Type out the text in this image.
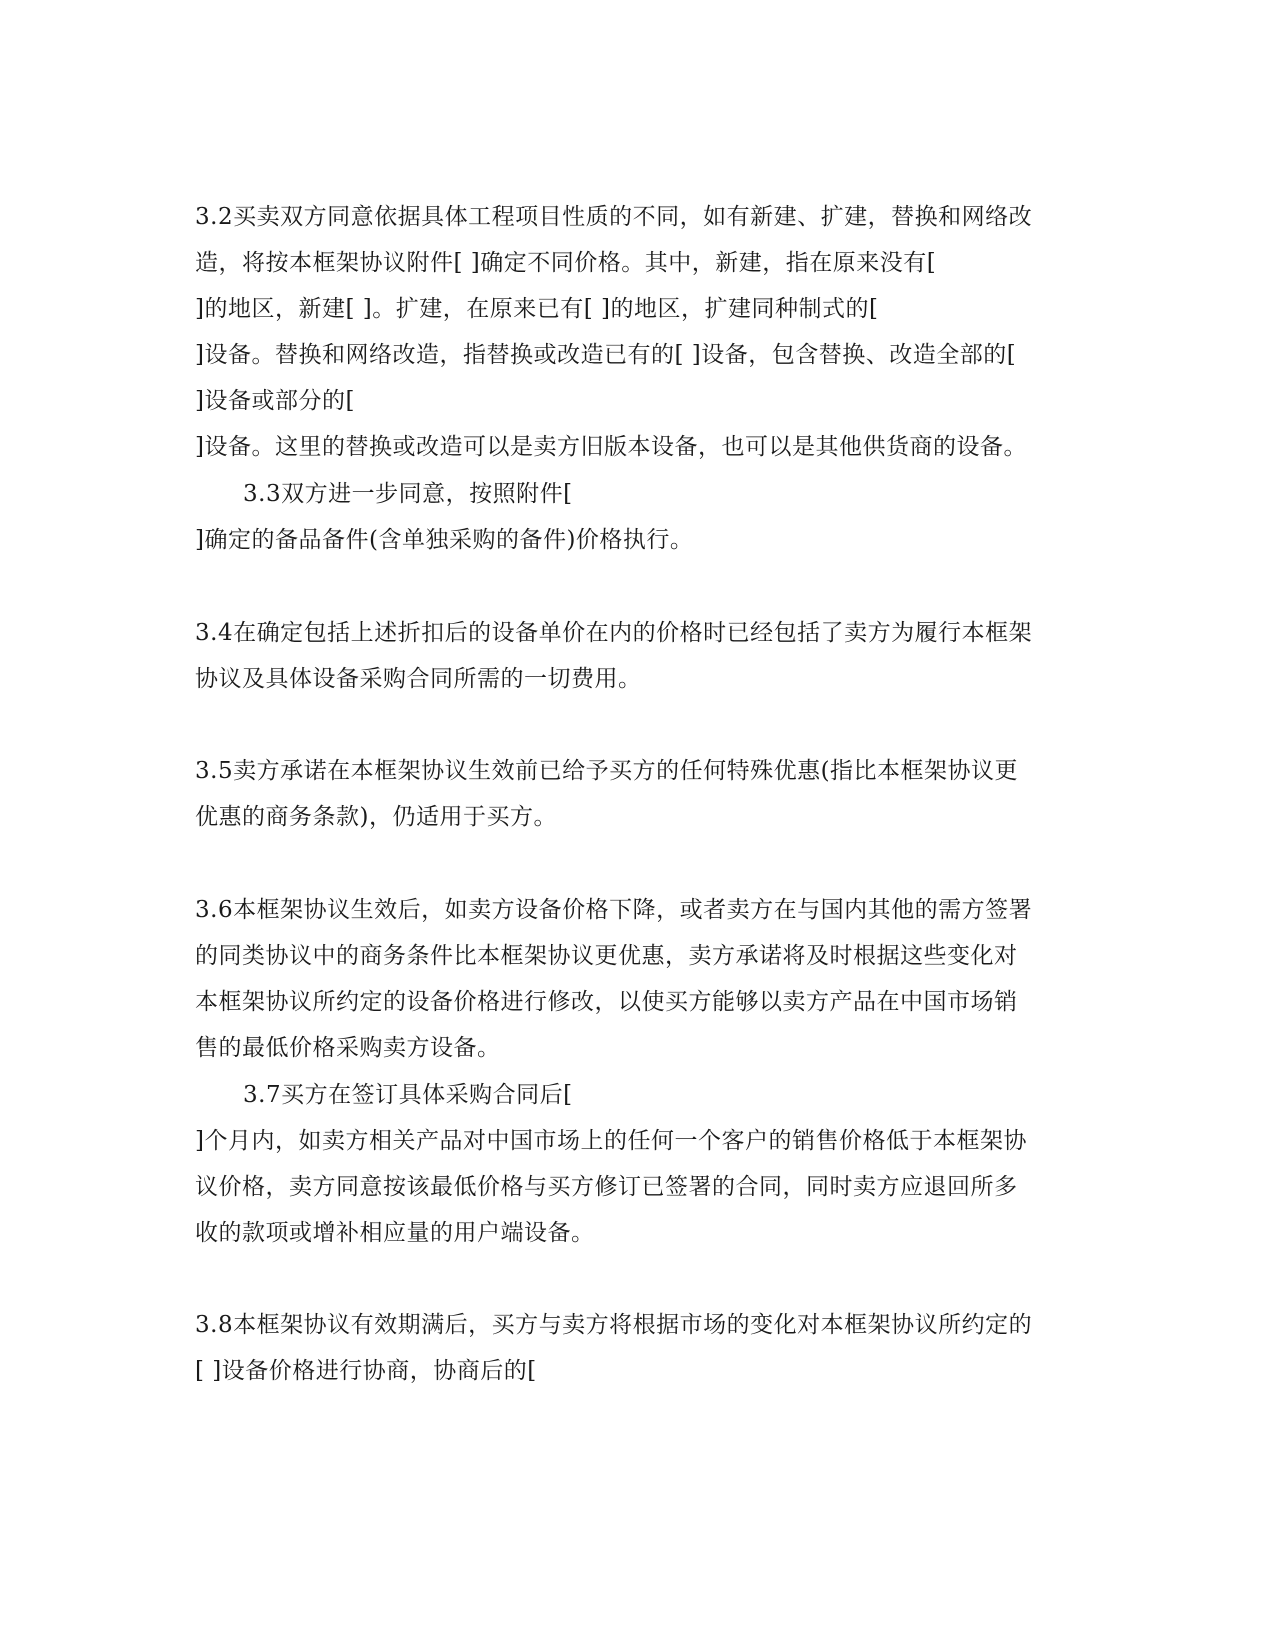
3.2买卖双方同意依据具体工程项目性质的不同，如有新建、扩建，替换和网络改
造，将按本框架协议附件[ ]确定不同价格。其中，新建，指在原来没有[
]的地区，新建[ ]。扩建，在原来已有[ ]的地区，扩建同种制式的[
]设备。替换和网络改造，指替换或改造已有的[ ]设备，包含替换、改造全部的[
]设备或部分的[
]设备。这里的替换或改造可以是卖方旧版本设备，也可以是其他供货商的设备。
3.3双方进一步同意，按照附件[
]确定的备品备件(含单独采购的备件)价格执行。
3.4在确定包括上述折扣后的设备单价在内的价格时已经包括了卖方为履行本框架
协议及具体设备采购合同所需的一切费用。
3.5卖方承诺在本框架协议生效前已给予买方的任何特殊优惠(指比本框架协议更
优惠的商务条款)，仍适用于买方。
3.6本框架协议生效后，如卖方设备价格下降，或者卖方在与国内其他的需方签署
的同类协议中的商务条件比本框架协议更优惠，卖方承诺将及时根据这些变化对
本框架协议所约定的设备价格进行修改，以使买方能够以卖方产品在中国市场销
售的最低价格采购卖方设备。
3.7买方在签订具体采购合同后[
]个月内，如卖方相关产品对中国市场上的任何一个客户的销售价格低于本框架协
议价格，卖方同意按该最低价格与买方修订已签署的合同，同时卖方应退回所多
收的款项或增补相应量的用户端设备。
3.8本框架协议有效期满后，买方与卖方将根据市场的变化对本框架协议所约定的
[ ]设备价格进行协商，协商后的[
